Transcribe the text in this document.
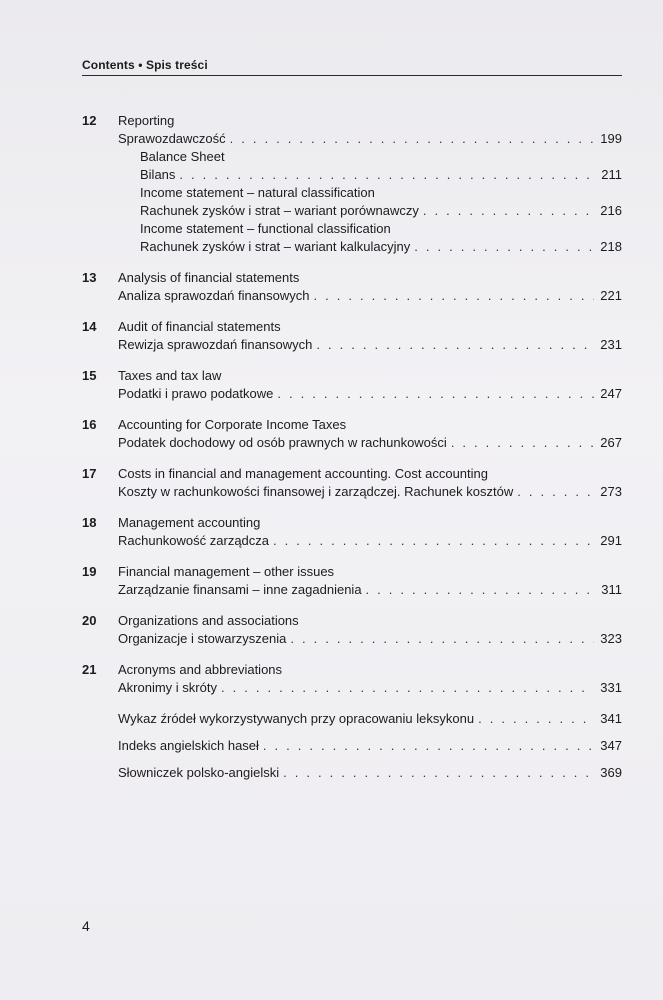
Contents • Spis treści
12	Reporting
Sprawozdawczość . . .	199
Balance Sheet
Bilans . . .	211
Income statement – natural classification
Rachunek zysków i strat – wariant porównawczy . . .	216
Income statement – functional classification
Rachunek zysków i strat – wariant kalkulacyjny . . .	218
13	Analysis of financial statements
Analiza sprawozdań finansowych . . .	221
14	Audit of financial statements
Rewizja sprawozdań finansowych . . .	231
15	Taxes and tax law
Podatki i prawo podatkowe . . .	247
16	Accounting for Corporate Income Taxes
Podatek dochodowy od osób prawnych w rachunkowości . . .	267
17	Costs in financial and management accounting. Cost accounting
Koszty w rachunkowości finansowej i zarządczej. Rachunek kosztów . . .	273
18	Management accounting
Rachunkowość zarządcza . . .	291
19	Financial management – other issues
Zarządzanie finansami – inne zagadnienia . . .	311
20	Organizations and associations
Organizacje i stowarzyszenia . . .	323
21	Acronyms and abbreviations
Akronimy i skróty . . .	331
Wykaz źródeł wykorzystywanych przy opracowaniu leksykonu . . .	341
Indeks angielskich haseł . . .	347
Słowniczek polsko-angielski . . .	369
4
